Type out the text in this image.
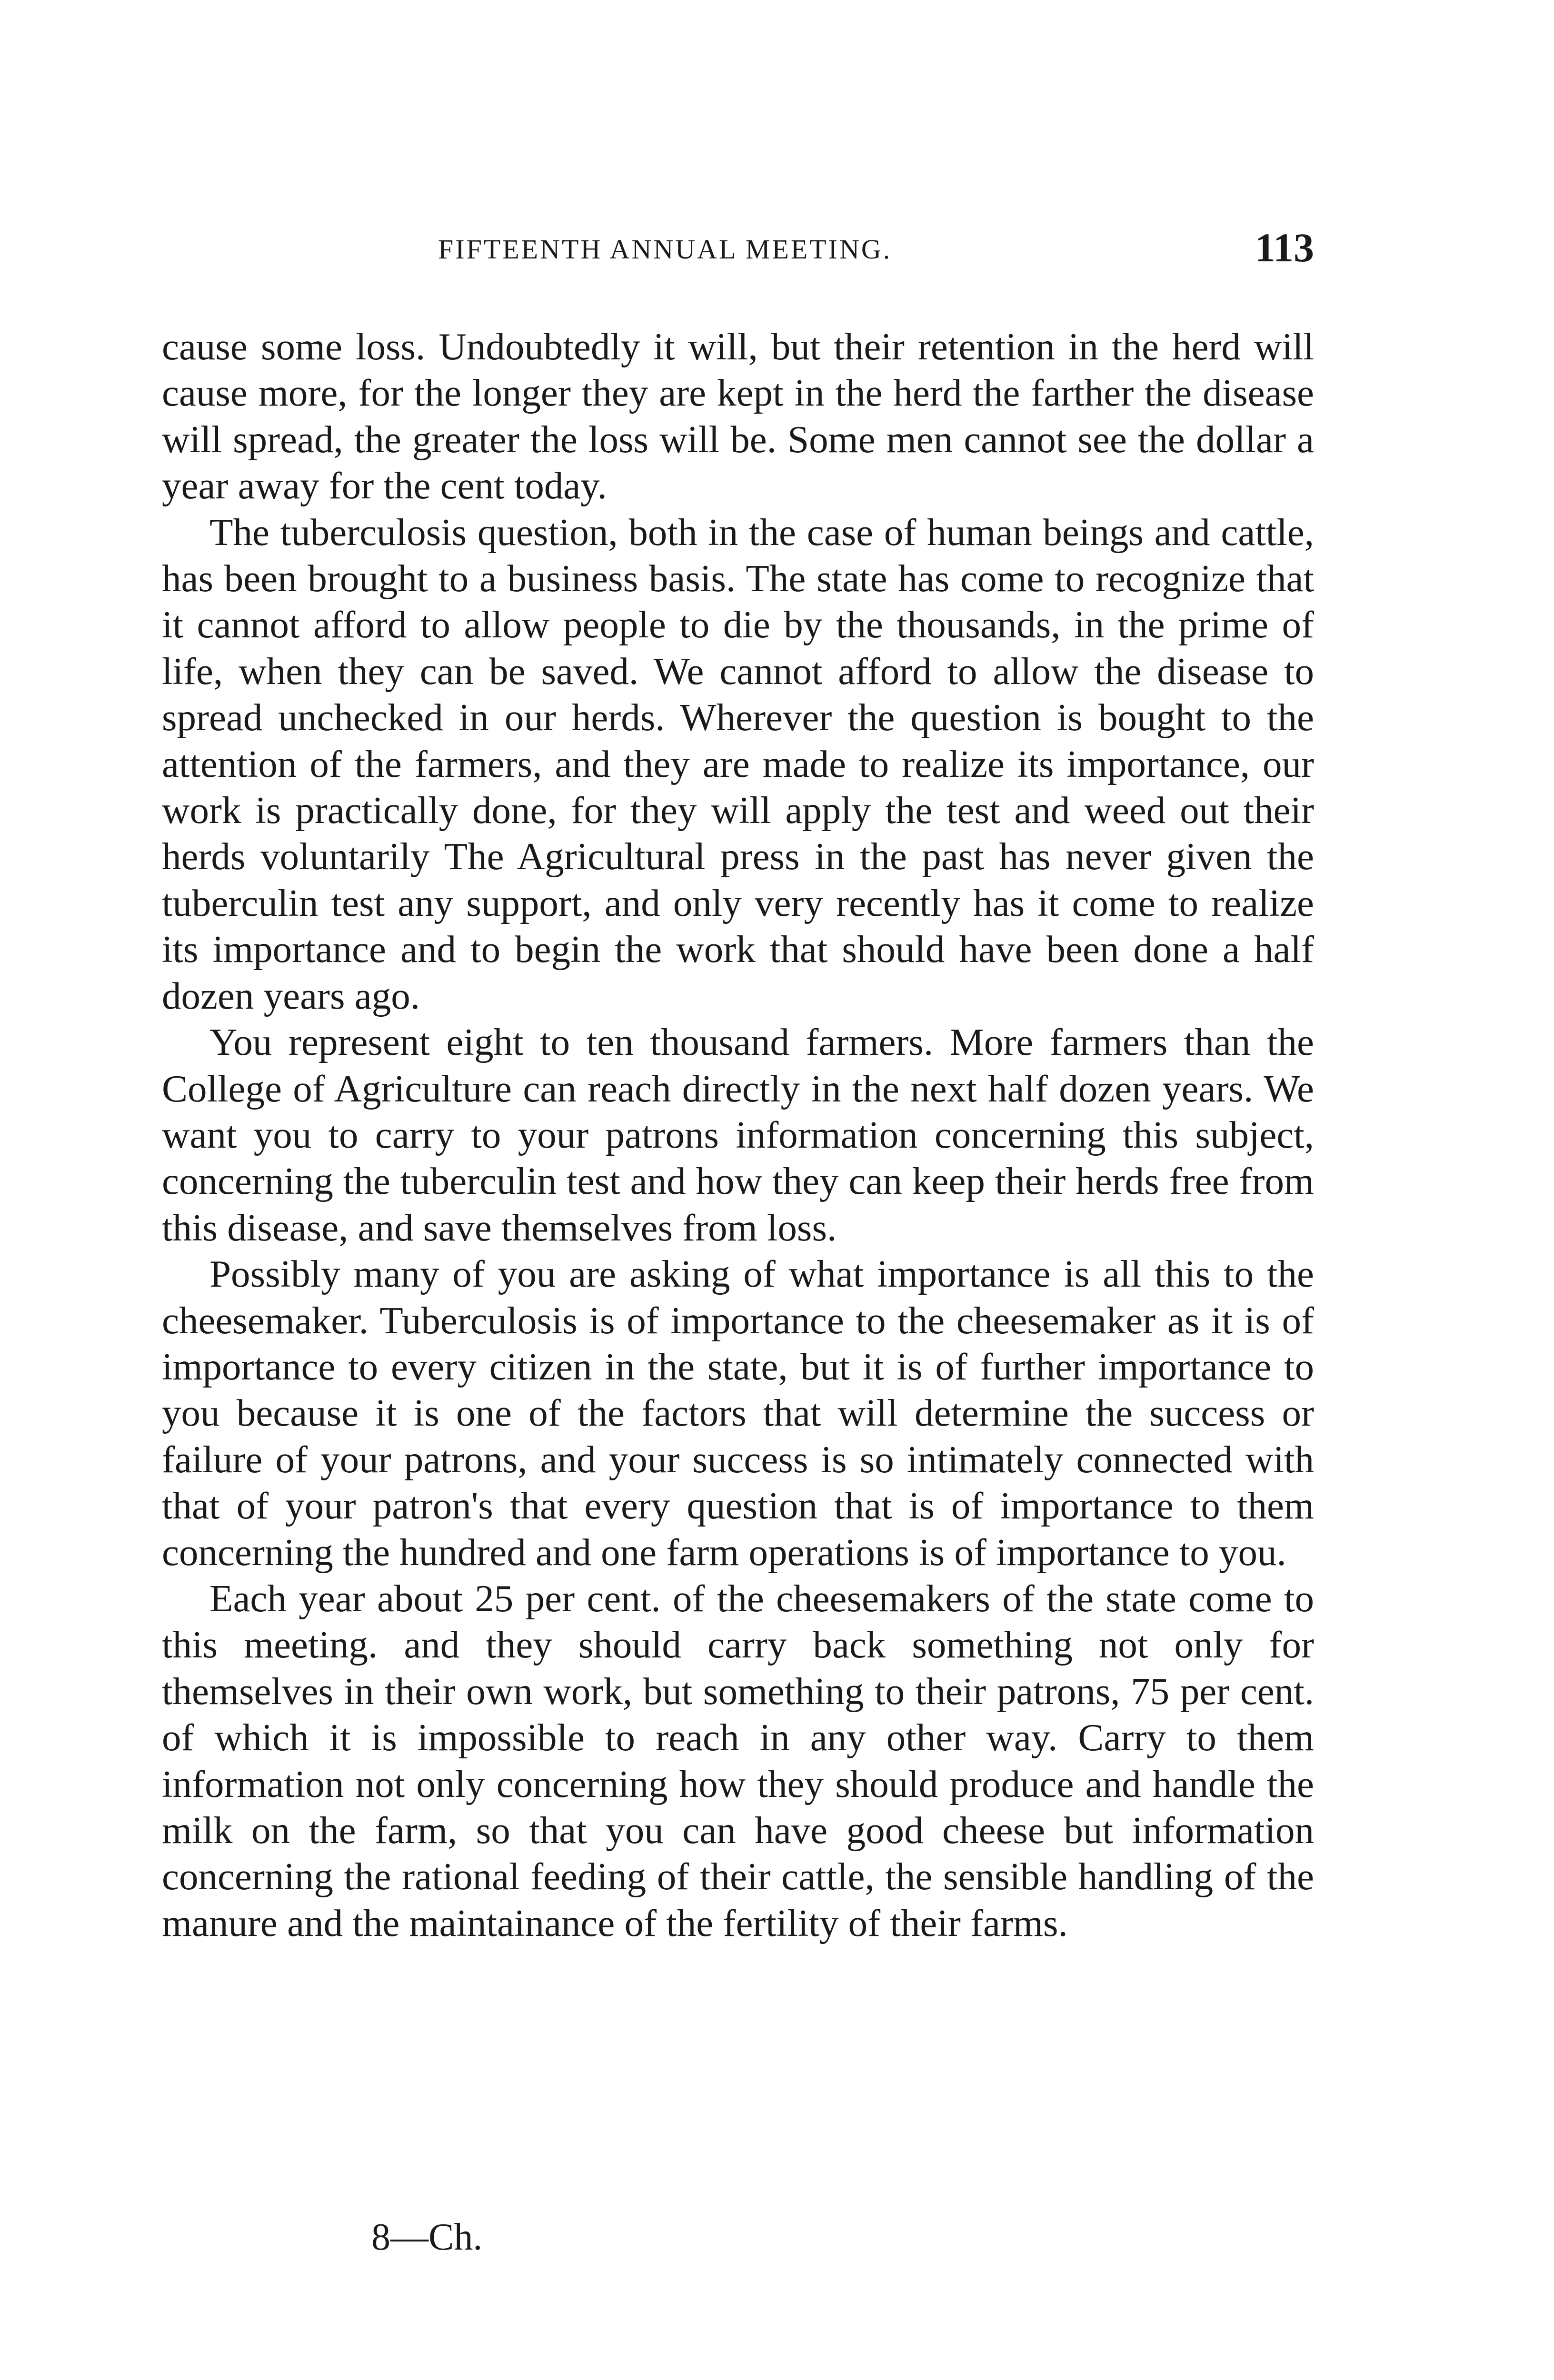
FIFTEENTH ANNUAL MEETING.	113

cause some loss. Undoubtedly it will, but their retention in the herd will cause more, for the longer they are kept in the herd the farther the disease will spread, the greater the loss will be. Some men cannot see the dollar a year away for the cent today.

The tuberculosis question, both in the case of human beings and cattle, has been brought to a business basis. The state has come to recognize that it cannot afford to allow people to die by the thousands, in the prime of life, when they can be saved. We cannot afford to allow the disease to spread unchecked in our herds. Wherever the question is bought to the attention of the farmers, and they are made to realize its importance, our work is practically done, for they will apply the test and weed out their herds voluntarily The Agricultural press in the past has never given the tuberculin test any support, and only very recently has it come to realize its importance and to begin the work that should have been done a half dozen years ago.

You represent eight to ten thousand farmers. More farmers than the College of Agriculture can reach directly in the next half dozen years. We want you to carry to your patrons information concerning this subject, concerning the tuberculin test and how they can keep their herds free from this disease, and save themselves from loss.

Possibly many of you are asking of what importance is all this to the cheesemaker. Tuberculosis is of importance to the cheesemaker as it is of importance to every citizen in the state, but it is of further importance to you because it is one of the factors that will determine the success or failure of your patrons, and your success is so intimately connected with that of your patron's that every question that is of importance to them concerning the hundred and one farm operations is of importance to you.

Each year about 25 per cent. of the cheesemakers of the state come to this meeting. and they should carry back something not only for themselves in their own work, but something to their patrons, 75 per cent. of which it is impossible to reach in any other way. Carry to them information not only concerning how they should produce and handle the milk on the farm, so that you can have good cheese but information concerning the rational feeding of their cattle, the sensible handling of the manure and the maintainance of the fertility of their farms.

8—Ch.
